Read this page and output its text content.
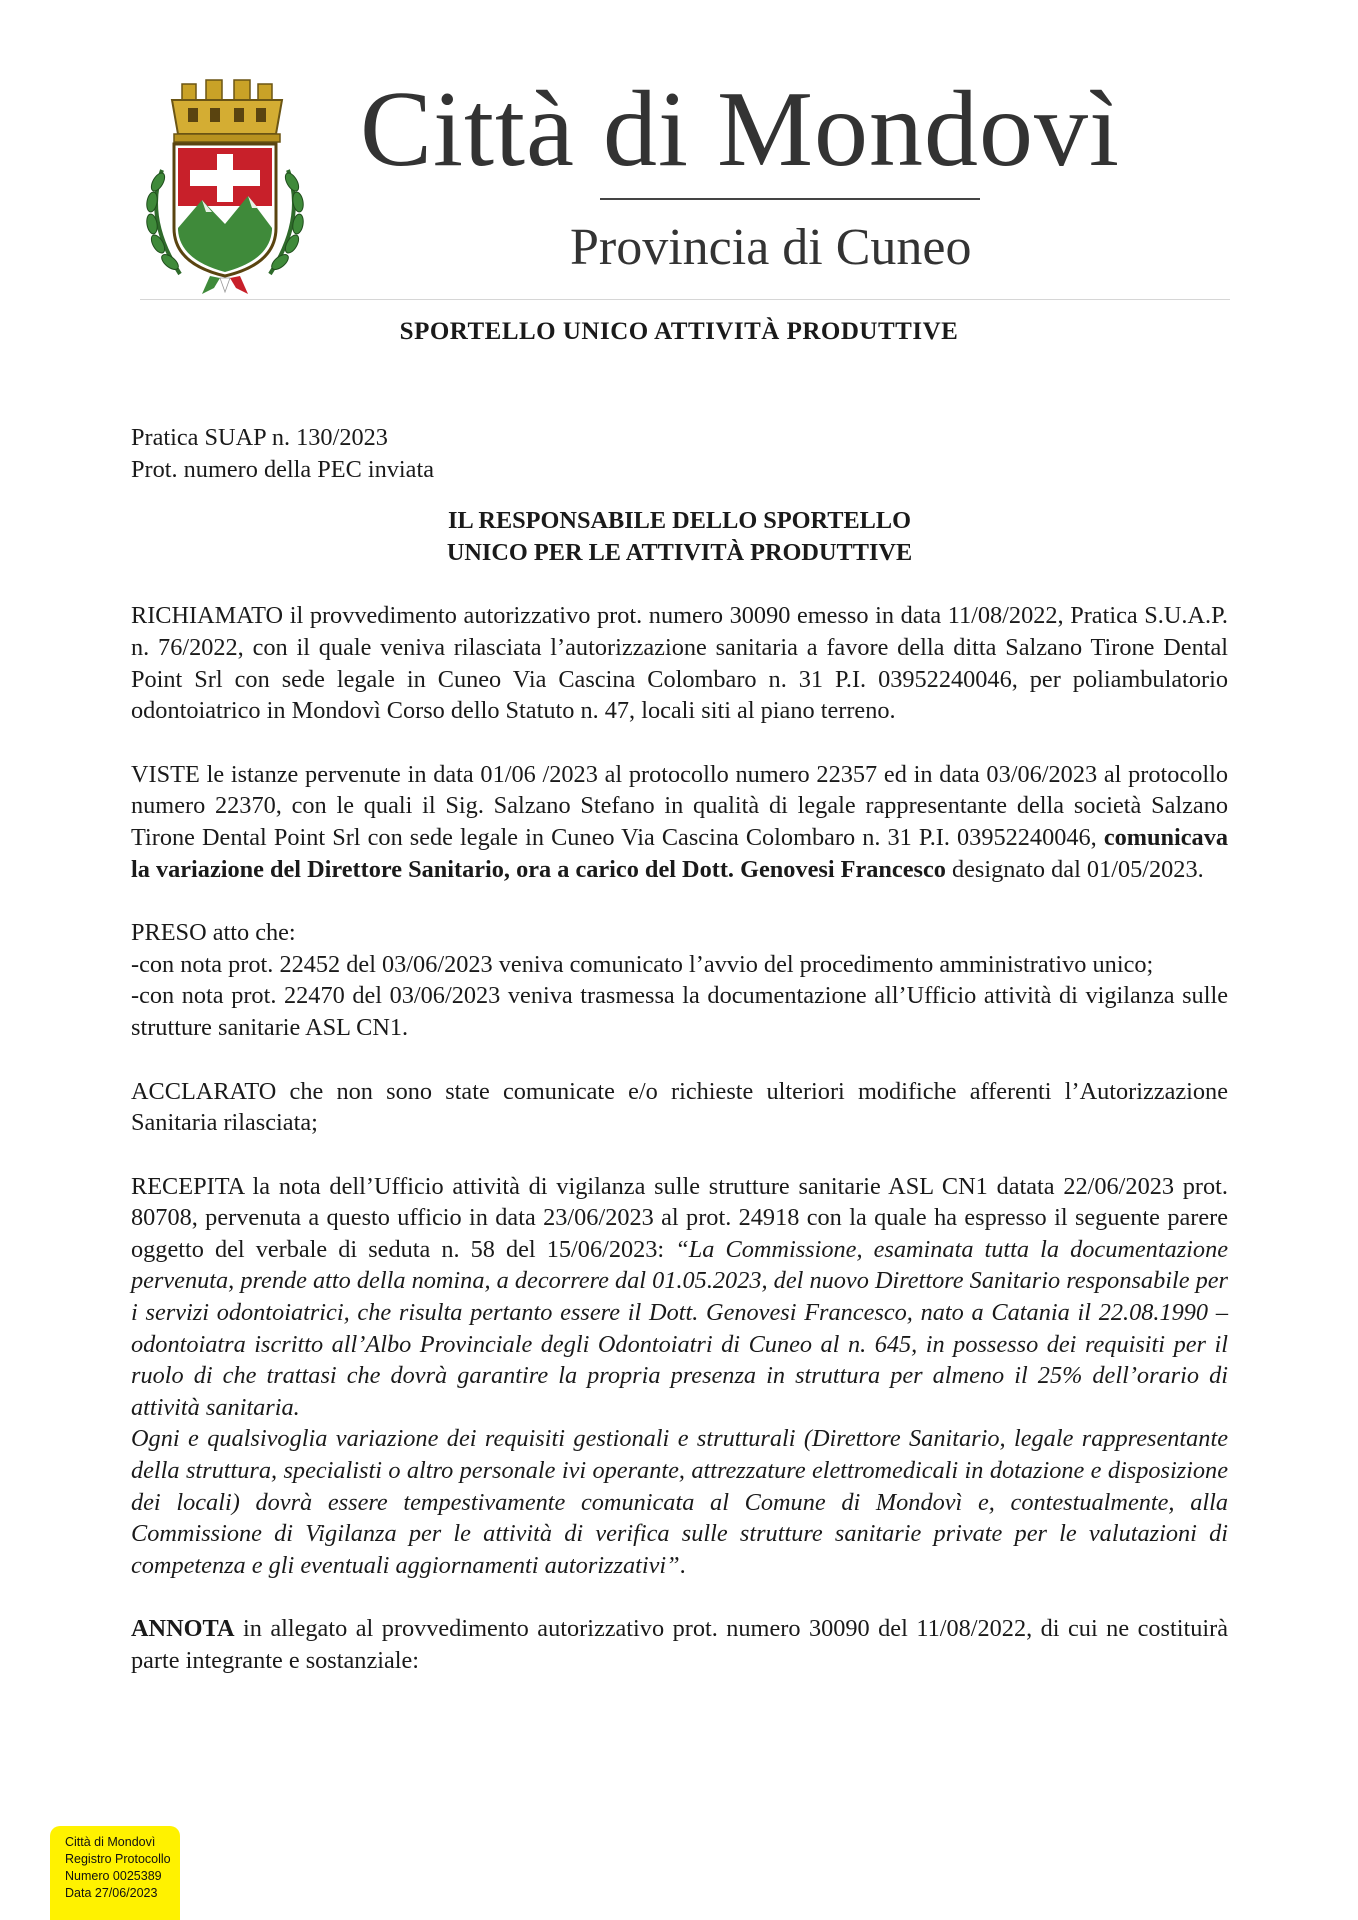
Città di Mondovì
Provincia di Cuneo
SPORTELLO UNICO ATTIVITÀ PRODUTTIVE

Pratica SUAP n. 130/2023

Prot. numero della PEC inviata

IL RESPONSABILE DELLO SPORTELLO

UNICO PER LE ATTIVITÀ PRODUTTIVE

RICHIAMATO il provvedimento autorizzativo prot. numero 30090 emesso in data 11/08/2022, Pratica S.U.A.P. n. 76/2022, con il quale veniva rilasciata l’autorizzazione sanitaria a favore della ditta Salzano Tirone Dental Point Srl con sede legale in Cuneo Via Cascina Colombaro n. 31 P.I. 03952240046, per poliambulatorio odontoiatrico in Mondovì Corso dello Statuto n. 47, locali siti al piano terreno.

VISTE le istanze pervenute in data 01/06 /2023 al protocollo numero 22357 ed in data 03/06/2023 al protocollo numero 22370, con le quali il Sig. Salzano Stefano in qualità di legale rappresentante della società Salzano Tirone Dental Point Srl con sede legale in Cuneo Via Cascina Colombaro n. 31 P.I. 03952240046, comunicava la variazione del Direttore Sanitario, ora a carico del Dott. Genovesi Francesco designato dal 01/05/2023.

PRESO atto che:

-con nota prot. 22452 del 03/06/2023 veniva comunicato l’avvio del procedimento amministrativo unico;

-con nota prot. 22470 del 03/06/2023 veniva trasmessa la documentazione all’Ufficio attività di vigilanza sulle strutture sanitarie ASL CN1.

ACCLARATO che non sono state comunicate e/o richieste ulteriori modifiche afferenti l’Autorizzazione Sanitaria rilasciata;

RECEPITA la nota dell’Ufficio attività di vigilanza sulle strutture sanitarie ASL CN1 datata 22/06/2023 prot. 80708, pervenuta a questo ufficio in data 23/06/2023 al prot. 24918 con la quale ha espresso il seguente parere oggetto del verbale di seduta n. 58 del 15/06/2023: “La Commissione, esaminata tutta la documentazione pervenuta, prende atto della nomina, a decorrere dal 01.05.2023, del nuovo Direttore Sanitario responsabile per i servizi odontoiatrici, che risulta pertanto essere il Dott. Genovesi Francesco, nato a Catania il 22.08.1990 – odontoiatra iscritto all’Albo Provinciale degli Odontoiatri di Cuneo al n. 645, in possesso dei requisiti per il ruolo di che trattasi che dovrà garantire la propria presenza in struttura per almeno il 25% dell’orario di attività sanitaria.

Ogni e qualsivoglia variazione dei requisiti gestionali e strutturali (Direttore Sanitario, legale rappresentante della struttura, specialisti o altro personale ivi operante, attrezzature elettromedicali in dotazione e disposizione dei locali) dovrà essere tempestivamente comunicata al Comune di Mondovì e, contestualmente, alla Commissione di Vigilanza per le attività di verifica sulle strutture sanitarie private per le valutazioni di competenza e gli eventuali aggiornamenti autorizzativi”.

ANNOTA in allegato al provvedimento autorizzativo prot. numero 30090 del 11/08/2022, di cui ne costituirà parte integrante e sostanziale:

Città di Mondovì
Registro Protocollo
Numero 0025389
Data 27/06/2023
